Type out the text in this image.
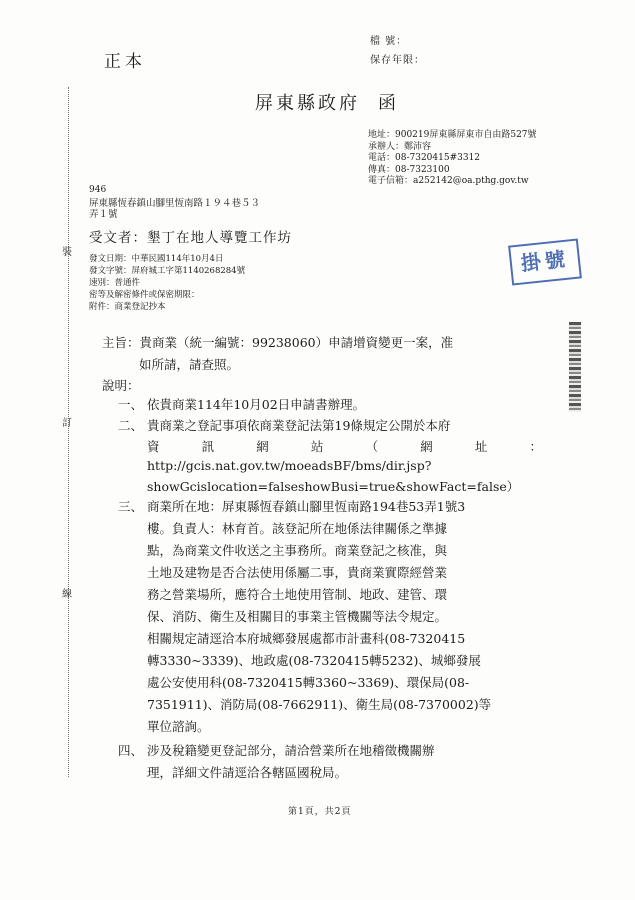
裝
訂
線
正本
檔 號：
保存年限：
屏東縣政府 函
地址：900219屏東縣屏東市自由路527號
承辦人：鄭沛容
電話：08-7320415#3312
傳真：08-7323100
電子信箱：a252142@oa.pthg.gov.tw
946
屏東縣恆春鎮山腳里恆南路１９４巷５３
弄１號
受文者：墾丁在地人導覽工作坊
發文日期：中華民國114年10月4日
發文字號：屏府城工字第1140268284號
速別：普通件
密等及解密條件或保密期限：
附件：商業登記抄本
掛號
主旨：貴商業（統一編號：99238060）申請增資變更一案，准
如所請，請查照。
說明：
一、 依貴商業114年10月02日申請書辦理。
二、 貴商業之登記事項依商業登記法第19條規定公開於本府
資	訊	網	站	（	網	址	：
http://gcis.nat.gov.tw/moeadsBF/bms/dir.jsp?
showGcislocation=falseshowBusi=true&showFact=false）
三、 商業所在地：屏東縣恆春鎮山腳里恆南路194巷53弄1號3
樓。負責人：林育首。該登記所在地係法律關係之準據
點，為商業文件收送之主事務所。商業登記之核准，與
土地及建物是否合法使用係屬二事，貴商業實際經營業
務之營業場所，應符合土地使用管制、地政、建管、環
保、消防、衛生及相關目的事業主管機關等法令規定。
相關規定請逕洽本府城鄉發展處都市計畫科(08-7320415
轉3330~3339)、地政處(08-7320415轉5232)、城鄉發展
處公安使用科(08-7320415轉3360~3369)、環保局(08-
7351911)、消防局(08-7662911)、衛生局(08-7370002)等
單位諮詢。
四、 涉及稅籍變更登記部分，請洽營業所在地稽徵機關辦
理，詳細文件請逕洽各轄區國稅局。
第1頁，共2頁
